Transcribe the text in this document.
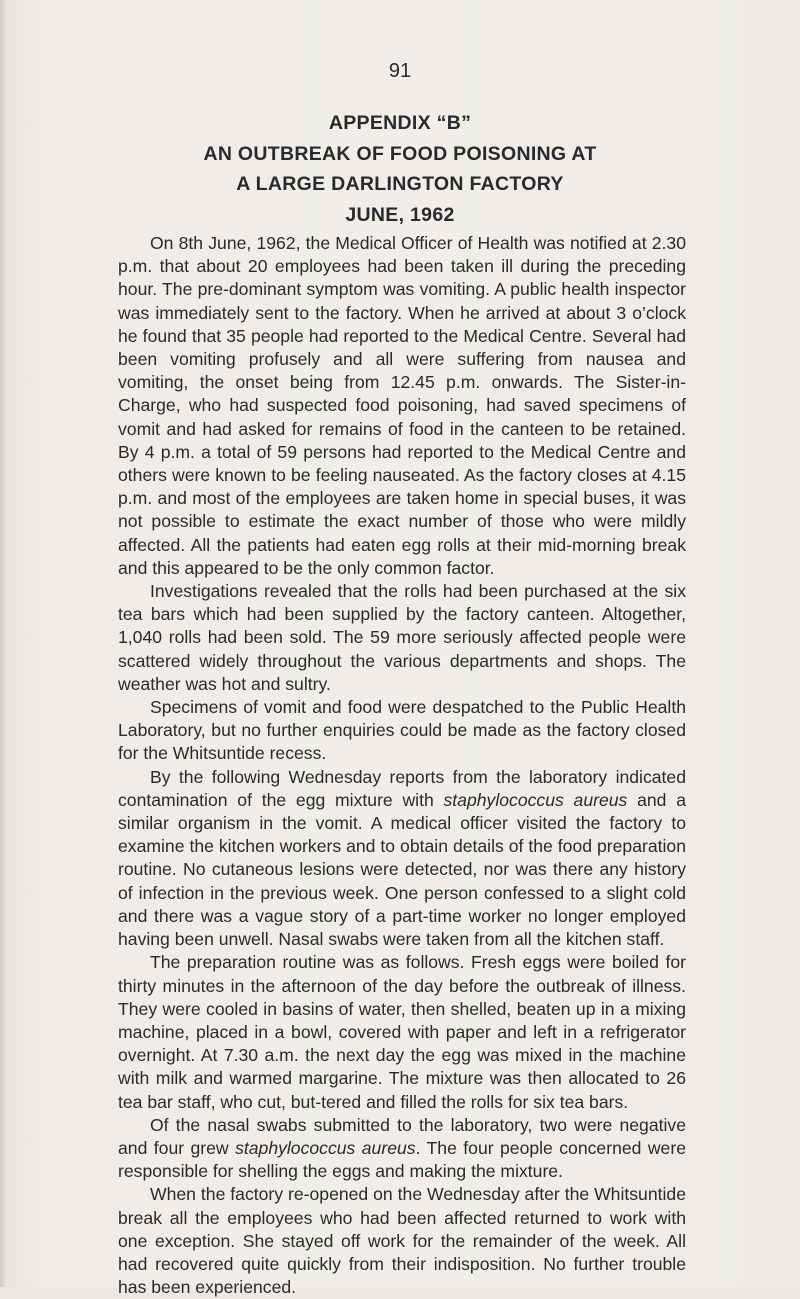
91
APPENDIX “B”
AN OUTBREAK OF FOOD POISONING AT
A LARGE DARLINGTON FACTORY
JUNE, 1962

On 8th June, 1962, the Medical Officer of Health was notified at 2.30 p.m. that about 20 employees had been taken ill during the preceding hour. The pre-dominant symptom was vomiting. A public health inspector was immediately sent to the factory. When he arrived at about 3 o’clock he found that 35 people had reported to the Medical Centre. Several had been vomiting profusely and all were suffering from nausea and vomiting, the onset being from 12.45 p.m. onwards. The Sister-in-Charge, who had suspected food poisoning, had saved specimens of vomit and had asked for remains of food in the canteen to be retained. By 4 p.m. a total of 59 persons had reported to the Medical Centre and others were known to be feeling nauseated. As the factory closes at 4.15 p.m. and most of the employees are taken home in special buses, it was not possible to estimate the exact number of those who were mildly affected. All the patients had eaten egg rolls at their mid-morning break and this appeared to be the only common factor.

Investigations revealed that the rolls had been purchased at the six tea bars which had been supplied by the factory canteen. Altogether, 1,040 rolls had been sold. The 59 more seriously affected people were scattered widely throughout the various departments and shops. The weather was hot and sultry.

Specimens of vomit and food were despatched to the Public Health Laboratory, but no further enquiries could be made as the factory closed for the Whitsuntide recess.

By the following Wednesday reports from the laboratory indicated contamination of the egg mixture with staphylococcus aureus and a similar organism in the vomit. A medical officer visited the factory to examine the kitchen workers and to obtain details of the food preparation routine. No cutaneous lesions were detected, nor was there any history of infection in the previous week. One person confessed to a slight cold and there was a vague story of a part-time worker no longer employed having been unwell. Nasal swabs were taken from all the kitchen staff.

The preparation routine was as follows. Fresh eggs were boiled for thirty minutes in the afternoon of the day before the outbreak of illness. They were cooled in basins of water, then shelled, beaten up in a mixing machine, placed in a bowl, covered with paper and left in a refrigerator overnight. At 7.30 a.m. the next day the egg was mixed in the machine with milk and warmed margarine. The mixture was then allocated to 26 tea bar staff, who cut, but-tered and filled the rolls for six tea bars.

Of the nasal swabs submitted to the laboratory, two were negative and four grew staphylococcus aureus. The four people concerned were responsible for shelling the eggs and making the mixture.

When the factory re-opened on the Wednesday after the Whitsuntide break all the employees who had been affected returned to work with one exception. She stayed off work for the remainder of the week. All had recovered quite quickly from their indisposition. No further trouble has been experienced.
